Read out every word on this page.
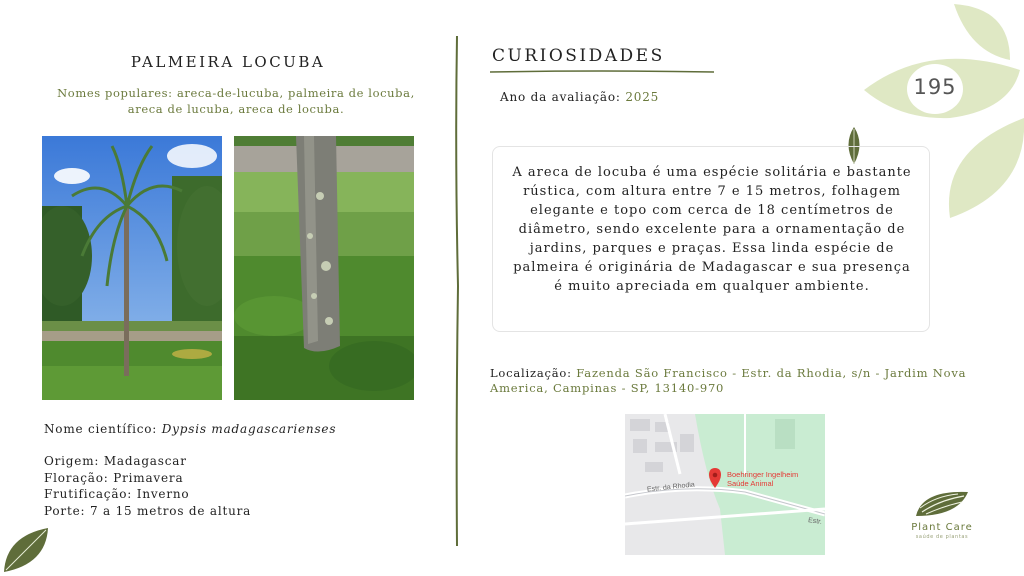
PALMEIRA LOCUBA
Nomes populares: areca-de-lucuba, palmeira de locuba,
areca de lucuba, areca de locuba.
Nome científico: Dypsis madagascarienses
Origem: Madagascar
Floração: Primavera
Frutificação: Inverno
Porte: 7 a 15 metros de altura
CURIOSIDADES
Ano da avaliação: 2025
A areca de locuba é uma espécie solitária e bastante rústica, com altura entre 7 e 15 metros, folhagem elegante e topo com cerca de 18 centímetros de diâmetro, sendo excelente para a ornamentação de jardins, parques e praças. Essa linda espécie de palmeira é originária de Madagascar e sua presença é muito apreciada em qualquer ambiente.
Localização: Fazenda São Francisco - Estr. da Rhodia, s/n - Jardim Nova
America, Campinas - SP, 13140-970
Boehringer Ingelheim
Saúde Animal
Estr. da Rhodia
Estr.
195
Plant Care
saúde de plantas
